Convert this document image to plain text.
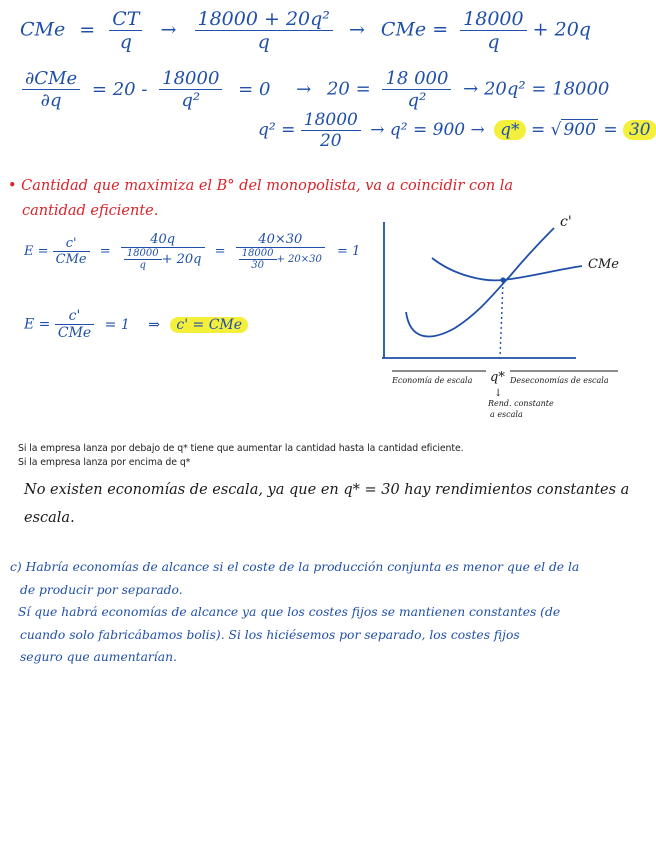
CMe = $\frac{CT}{q} \to \frac{\text{18000 + 20q²}}{q}$ → CMe = $\frac{18000}{q} + 20q$
$\frac{\text{∂CMe}}{\partial q} = 20 - \frac{18000}{\text{q²}} = 0 \to 20 = \frac{18 000}{\text{q²}} \to 20q^2 = 18000$
$q^2 = \frac{18000}{20} \to q^2 = 900 \to q*$ = √ 900 = 30
• Cantidad que maximiza el B° del monopolista, va a coincidir con la
cantidad eficiente.
$E = \frac{c'}{\text{CMe}} = \frac{40q}{\frac{18000}{q} + 20q} = \frac{40\times 30}{\frac{18000}{30} + 20\times 30} = 1$
$E = \frac{c'}{\text{CMe}} = 1$ ⇒ c' = CMe
c'
CMe
q*
Economía de escala	Deseconomías de escala
↓
Rend. constante
a escala
Si la empresa lanza por debajo de q* tiene que aumentar la cantidad hasta la cantidad eficiente.
Si la empresa lanza por encima de q*
No existen economías de escala, ya que en q* = 30 hay rendimientos constantes a
escala.
c) Habría economías de alcance si el coste de la producción conjunta es menor que el de la
de producir por separado.
Sí que habrá economías de alcance ya que los costes fijos se mantienen constantes (de
cuando solo fabricábamos bolis). Si los hiciésemos por separado, los costes fijos
seguro que aumentarían.
